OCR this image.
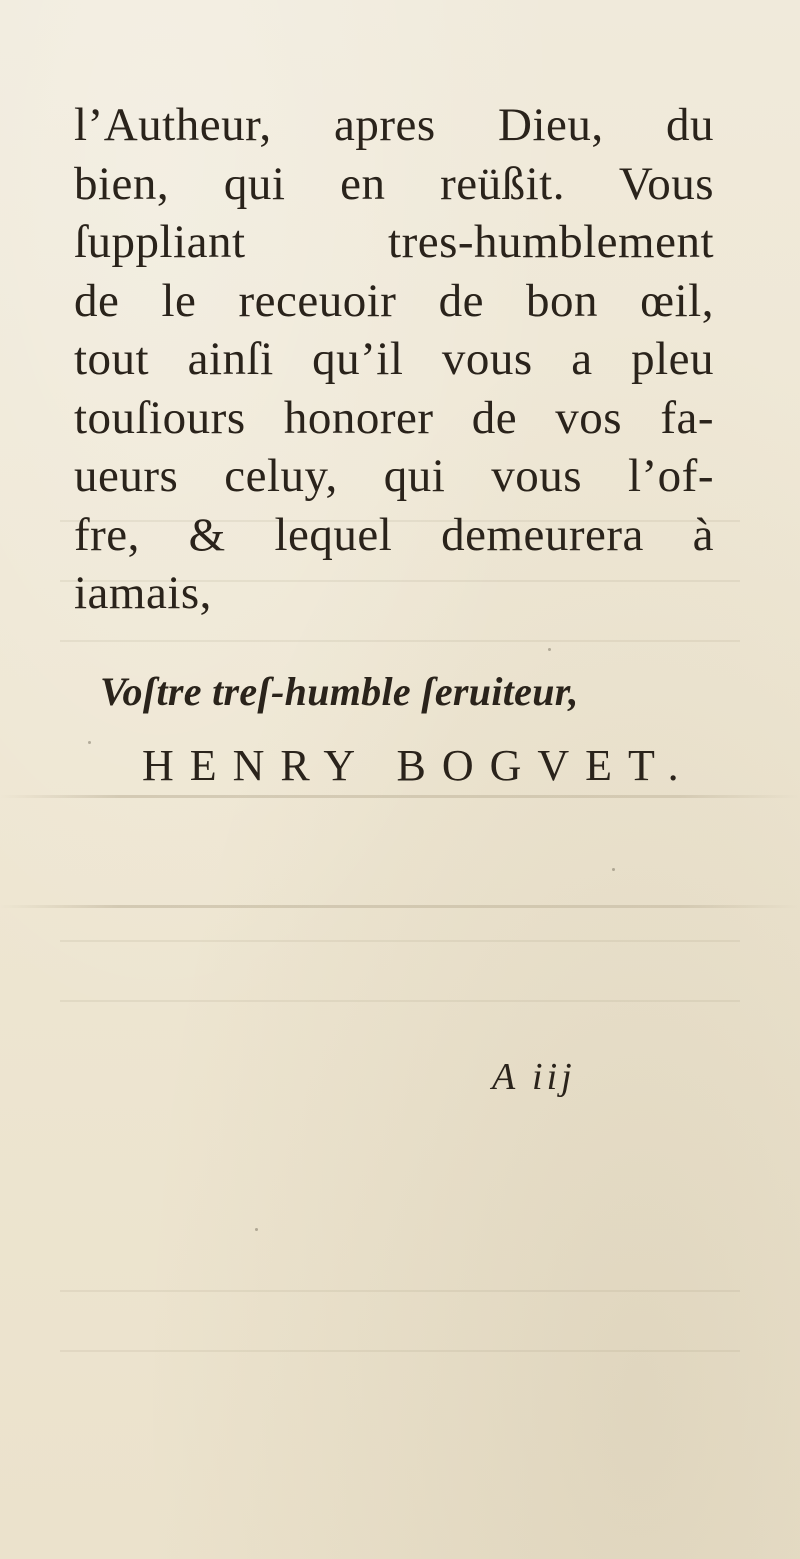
l’Autheur, apres Dieu, du
bien, qui en reüßit. Vous
ſuppliant tres-humblement
de le receuoir de bon œil,
tout ainſi qu’il vous a pleu
touſiours honorer de vos fa-
ueurs celuy, qui vous l’of-
fre, & lequel demeurera à
iamais,
Voſtre treſ-humble ſeruiteur,
HENRY BOGVET.
A iij
